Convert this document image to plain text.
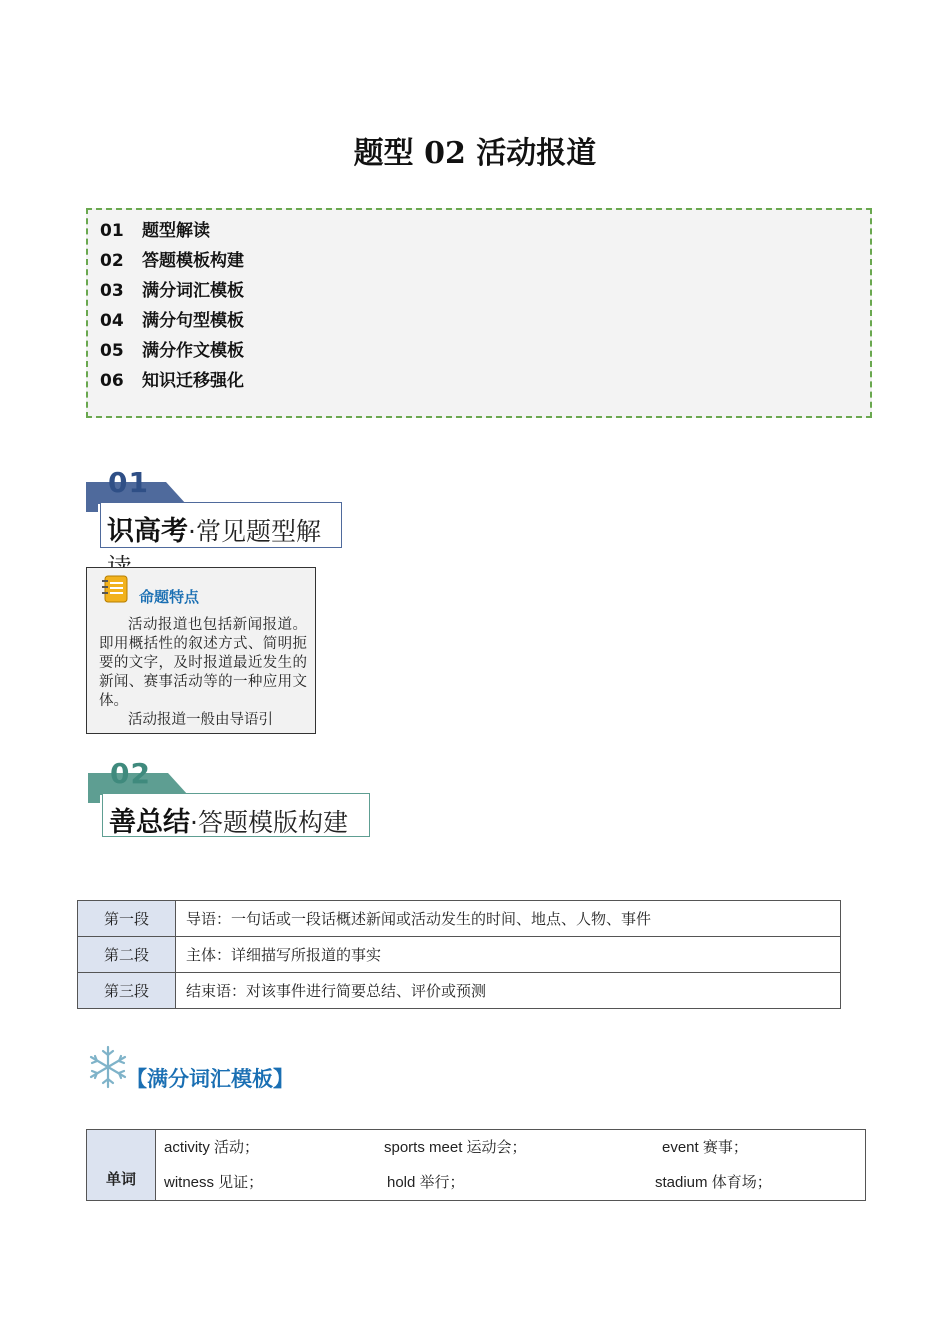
题型 02 活动报道
01 题型解读
02 答题模板构建
03 满分词汇模板
04 满分句型模板
05 满分作文模板
06 知识迁移强化
01
识高考·常见题型解
命题特点
活动报道也包括新闻报道。即用概括性的叙述方式、简明扼要的文字，及时报道最近发生的新闻、赛事活动等的一种应用文体。
活动报道一般由导语引
02
善总结·答题模版构建
第一段	导语：一句话或一段话概述新闻或活动发生的时间、地点、人物、事件
第二段	主体：详细描写所报道的事实
第三段	结束语：对该事件进行简要总结、评价或预测
【满分词汇模板】
单词	
activity 活动；	sports meet 运动会；	event 赛事；
witness 见证；	hold 举行；	stadium 体育场；
